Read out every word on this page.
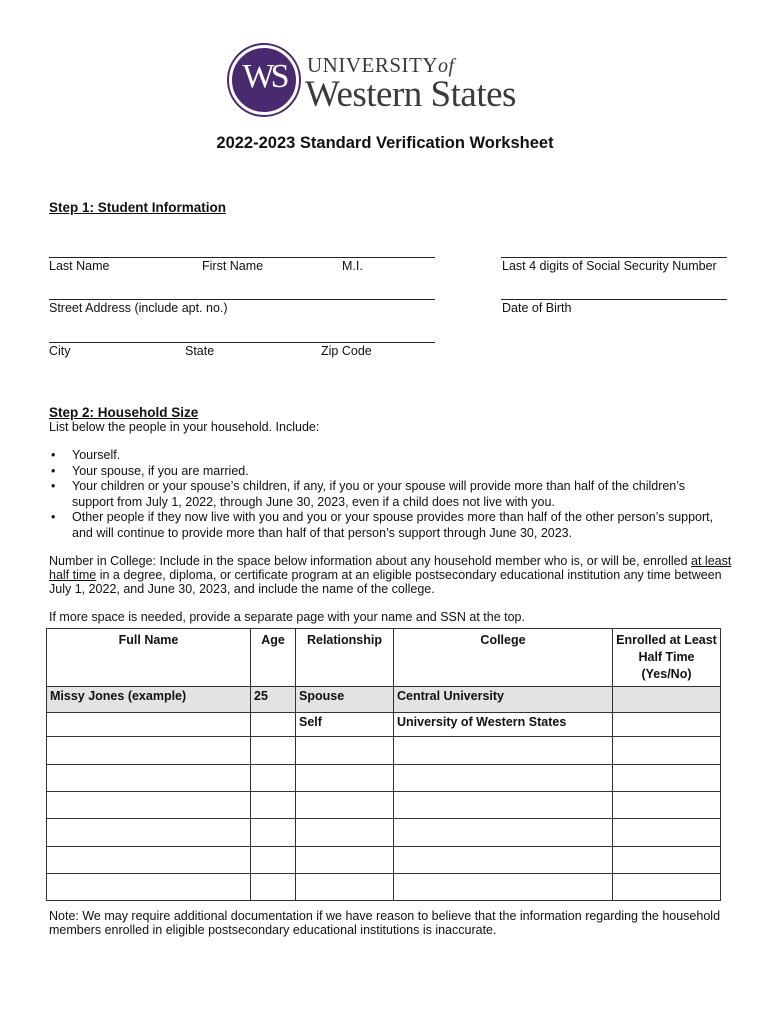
WS	UNIVERSITYof
Western States
2022-2023 Standard Verification Worksheet
Step 1: Student Information
Last Name	First Name	M.I.	Last 4 digits of Social Security Number
Street Address (include apt. no.)	Date of Birth
City	State	Zip Code
Step 2: Household Size
List below the people in your household. Include:
• Yourself.
• Your spouse, if you are married.
• Your children or your spouse’s children, if any, if you or your spouse will provide more than half of the children’s support from July 1, 2022, through June 30, 2023, even if a child does not live with you.
• Other people if they now live with you and you or your spouse provides more than half of the other person’s support, and will continue to provide more than half of that person’s support through June 30, 2023.
Number in College: Include in the space below information about any household member who is, or will be, enrolled at least half time in a degree, diploma, or certificate program at an eligible postsecondary educational institution any time between July 1, 2022, and June 30, 2023, and include the name of the college.
If more space is needed, provide a separate page with your name and SSN at the top.
Full Name	Age	Relationship	College	Enrolled at Least Half Time (Yes/No)
Missy Jones (example)	25	Spouse	Central University	
		Self	University of Western States	

Note: We may require additional documentation if we have reason to believe that the information regarding the household members enrolled in eligible postsecondary educational institutions is inaccurate.
